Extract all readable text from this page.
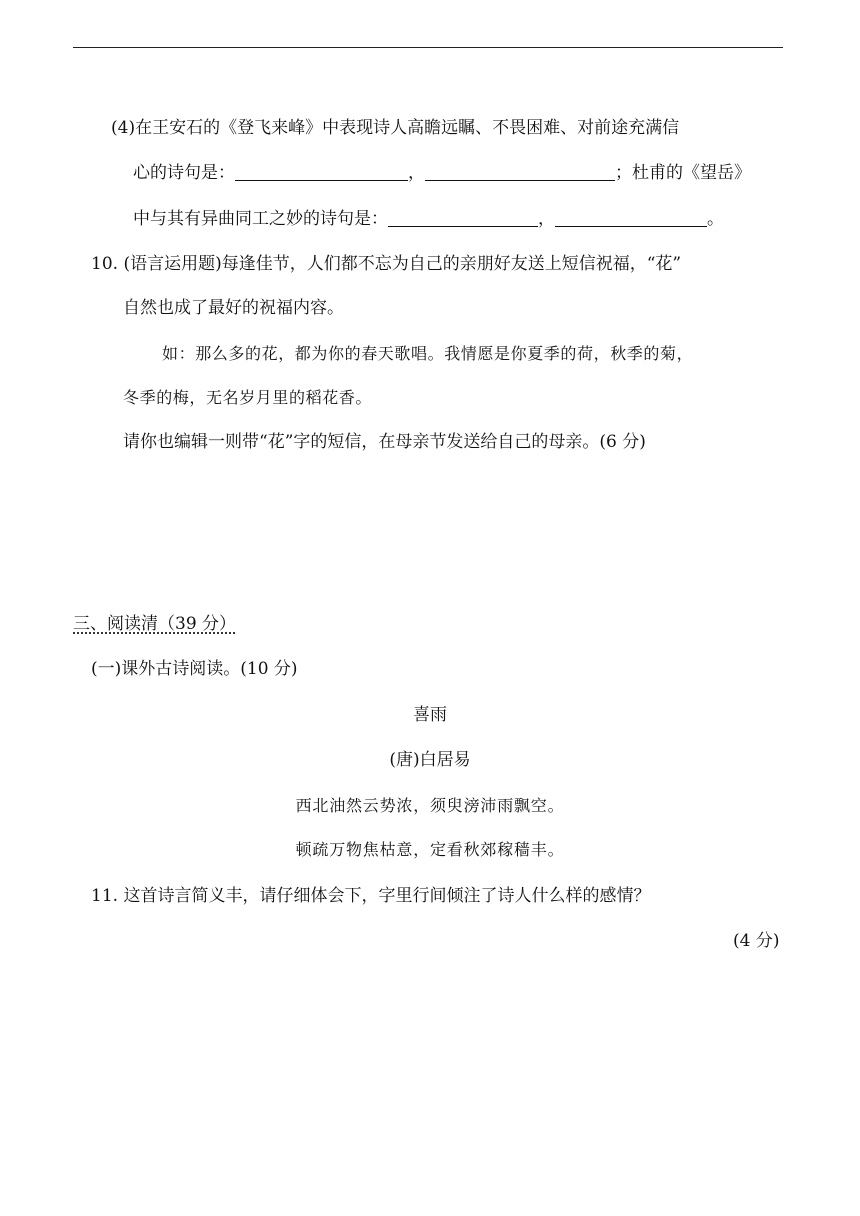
(4)在王安石的《登飞来峰》中表现诗人高瞻远瞩、不畏困难、对前途充满信
心的诗句是：	，	；杜甫的《望岳》
中与其有异曲同工之妙的诗句是：	，	。
10. (语言运用题)每逢佳节，人们都不忘为自己的亲朋好友送上短信祝福，“花”
自然也成了最好的祝福内容。
如：那么多的花，都为你的春天歌唱。我情愿是你夏季的荷，秋季的菊，
冬季的梅，无名岁月里的稻花香。
请你也编辑一则带“花”字的短信，在母亲节发送给自己的母亲。(6 分)
三、阅读清（39 分）
(一)课外古诗阅读。(10 分)
喜雨
(唐)白居易
西北油然云势浓，须臾滂沛雨飘空。
顿疏万物焦枯意，定看秋郊稼穑丰。
11. 这首诗言简义丰，请仔细体会下，字里行间倾注了诗人什么样的感情？
(4 分)
